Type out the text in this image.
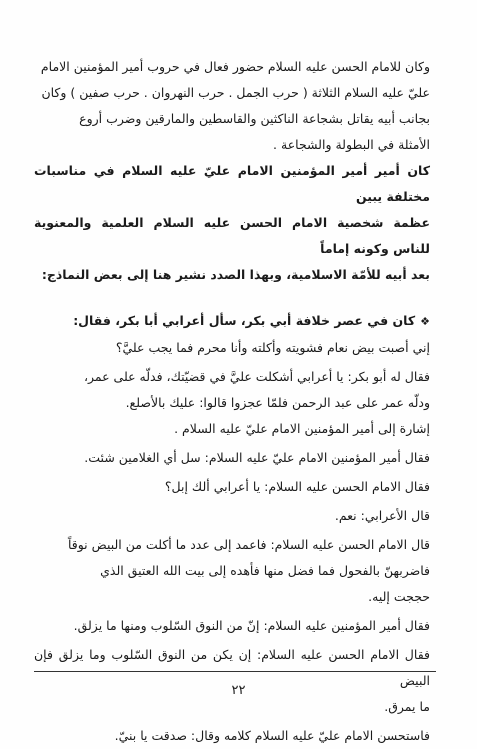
وكان للامام الحسن عليه السلام حضور فعال في حروب أمير المؤمنين الامام

عليّ عليه السلام الثلاثة ( حرب الجمل . حرب النهروان . حرب صفين ) وكان

بجانب أبيه يقاتل بشجاعة الناكثين والقاسطين والمارقين وضرب أروع

الأمثلة في البطولة والشجاعة .

كان أمير أمير المؤمنين الامام عليّ عليه السلام في مناسبات مختلفة يبين

عظمة شخصية الامام الحسن عليه السلام العلمية والمعنوية للناس وكونه إماماً

بعد أبيه للأمّة الاسلامية، وبهذا الصدد نشير هنا إلى بعض النماذج:

❖
كان في عصر خلافة أبي بكر، سأل أعرابي أبا بكر، فقال:

إني أصبت بيض نعام فشويته وأكلته وأنا محرم فما يجب عليَّ؟

فقال له أبو بكر: يا أعرابي أشكلت عليَّ في قضيّتك، فدلّه على عمر،

ودلّه عمر على عبد الرحمن فلمّا عجزوا قالوا: عليك بالأصلع.

إشارة إلى أمير المؤمنين الامام عليّ عليه السلام .

فقال أمير المؤمنين الامام عليّ عليه السلام: سل أي الغلامين شئت.

فقال الامام الحسن عليه السلام: يا أعرابي ألك إبل؟

قال الأعرابي: نعم.

قال الامام الحسن عليه السلام: فاعمد إلى عدد ما أكلت من البيض نوقاً

فاضربهنّ بالفحول فما فضل منها فأهده إلى بيت الله العتيق الذي

حججت إليه.

فقال أمير المؤمنين عليه السلام: إنّ من النوق السّلوب ومنها ما يزلق.

فقال الامام الحسن عليه السلام: إن يكن من النوق السّلوب وما يزلق فإن البيض

ما يمرق.

فاستحسن الامام عليّ عليه السلام كلامه وقال: صدقت يا بنيّ.

٢٢
